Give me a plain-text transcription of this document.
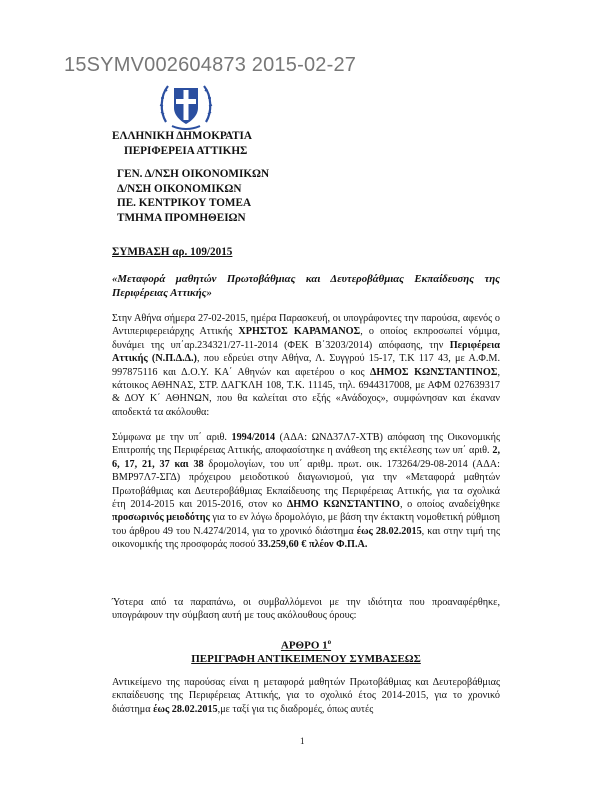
15SYMV002604873 2015-02-27
ΕΛΛΗΝΙΚΗ ΔΗΜΟΚΡΑΤΙΑ
ΠΕΡΙΦΕΡΕΙΑ ΑΤΤΙΚΗΣ
ΓΕΝ. Δ/ΝΣΗ ΟΙΚΟΝΟΜΙΚΩΝ
Δ/ΝΣΗ ΟΙΚΟΝΟΜΙΚΩΝ
ΠΕ. ΚΕΝΤΡΙΚΟΥ ΤΟΜΕΑ
ΤΜΗΜΑ ΠΡΟΜΗΘΕΙΩΝ
ΣΥΜΒΑΣΗ αρ. 109/2015
«Μεταφορά μαθητών Πρωτοβάθμιας και Δευτεροβάθμιας Εκπαίδευσης της Περιφέρειας Αττικής»
Στην Αθήνα σήμερα 27-02-2015, ημέρα Παρασκευή, οι υπογράφοντες την παρούσα, αφενός ο Αντιπεριφερειάρχης Αττικής ΧΡΗΣΤΟΣ ΚΑΡΑΜΑΝΟΣ, ο οποίος εκπροσωπεί νόμιμα, δυνάμει της υπ΄αρ.234321/27-11-2014 (ΦΕΚ Β΄3203/2014) απόφασης, την Περιφέρεια Αττικής (Ν.Π.Δ.Δ.), που εδρεύει στην Αθήνα, Λ. Συγγρού 15-17, Τ.Κ 117 43, με Α.Φ.Μ. 997875116 και Δ.Ο.Υ. ΚΑ΄ Αθηνών και αφετέρου ο κος ΔΗΜΟΣ ΚΩΝΣΤΑΝΤΙΝΟΣ, κάτοικος ΑΘΗΝΑΣ, ΣΤΡ. ΔΑΓΚΛΗ 108, Τ.Κ. 11145, τηλ. 6944317008, με ΑΦΜ 027639317 & ΔΟΥ Κ΄ ΑΘΗΝΩΝ, που θα καλείται στο εξής «Ανάδοχος», συμφώνησαν και έκαναν αποδεκτά τα ακόλουθα:
Σύμφωνα με την υπ΄ αριθ. 1994/2014 (ΑΔΑ: ΩΝΔ37Λ7-ΧΤΒ) απόφαση της Οικονομικής Επιτροπής της Περιφέρειας Αττικής, αποφασίστηκε η ανάθεση της εκτέλεσης των υπ΄ αριθ. 2, 6, 17, 21, 37 και 38 δρομολογίων, του υπ΄ αριθμ. πρωτ. οικ. 173264/29-08-2014 (ΑΔΑ: ΒΜΡ97Λ7-ΣΓΔ) πρόχειρου μειοδοτικού διαγωνισμού, για την «Μεταφορά μαθητών Πρωτοβάθμιας και Δευτεροβάθμιας Εκπαίδευσης της Περιφέρειας Αττικής, για τα σχολικά έτη 2014-2015 και 2015-2016, στον κο ΔΗΜΟ ΚΩΝΣΤΑΝΤΙΝΟ, ο οποίος αναδείχθηκε προσωρινός μειοδότης για το εν λόγω δρομολόγιο, με βάση την έκτακτη νομοθετική ρύθμιση του άρθρου 49 του Ν.4274/2014, για το χρονικό διάστημα έως 28.02.2015, και στην τιμή της οικονομικής της προσφοράς ποσού 33.259,60 € πλέον Φ.Π.Α.
Ύστερα από τα παραπάνω, οι συμβαλλόμενοι με την ιδιότητα που προαναφέρθηκε, υπογράφουν την σύμβαση αυτή με τους ακόλουθους όρους:
ΑΡΘΡΟ $1^o$
ΠΕΡΙΓΡΑΦΗ ΑΝΤΙΚΕΙΜΕΝΟΥ ΣΥΜΒΑΣΕΩΣ
Αντικείμενο της παρούσας είναι η μεταφορά μαθητών Πρωτοβάθμιας και Δευτεροβάθμιας εκπαίδευσης της Περιφέρειας Αττικής, για το σχολικό έτος 2014-2015, για το χρονικό διάστημα έως 28.02.2015,με ταξί για τις διαδρομές, όπως αυτές
1
